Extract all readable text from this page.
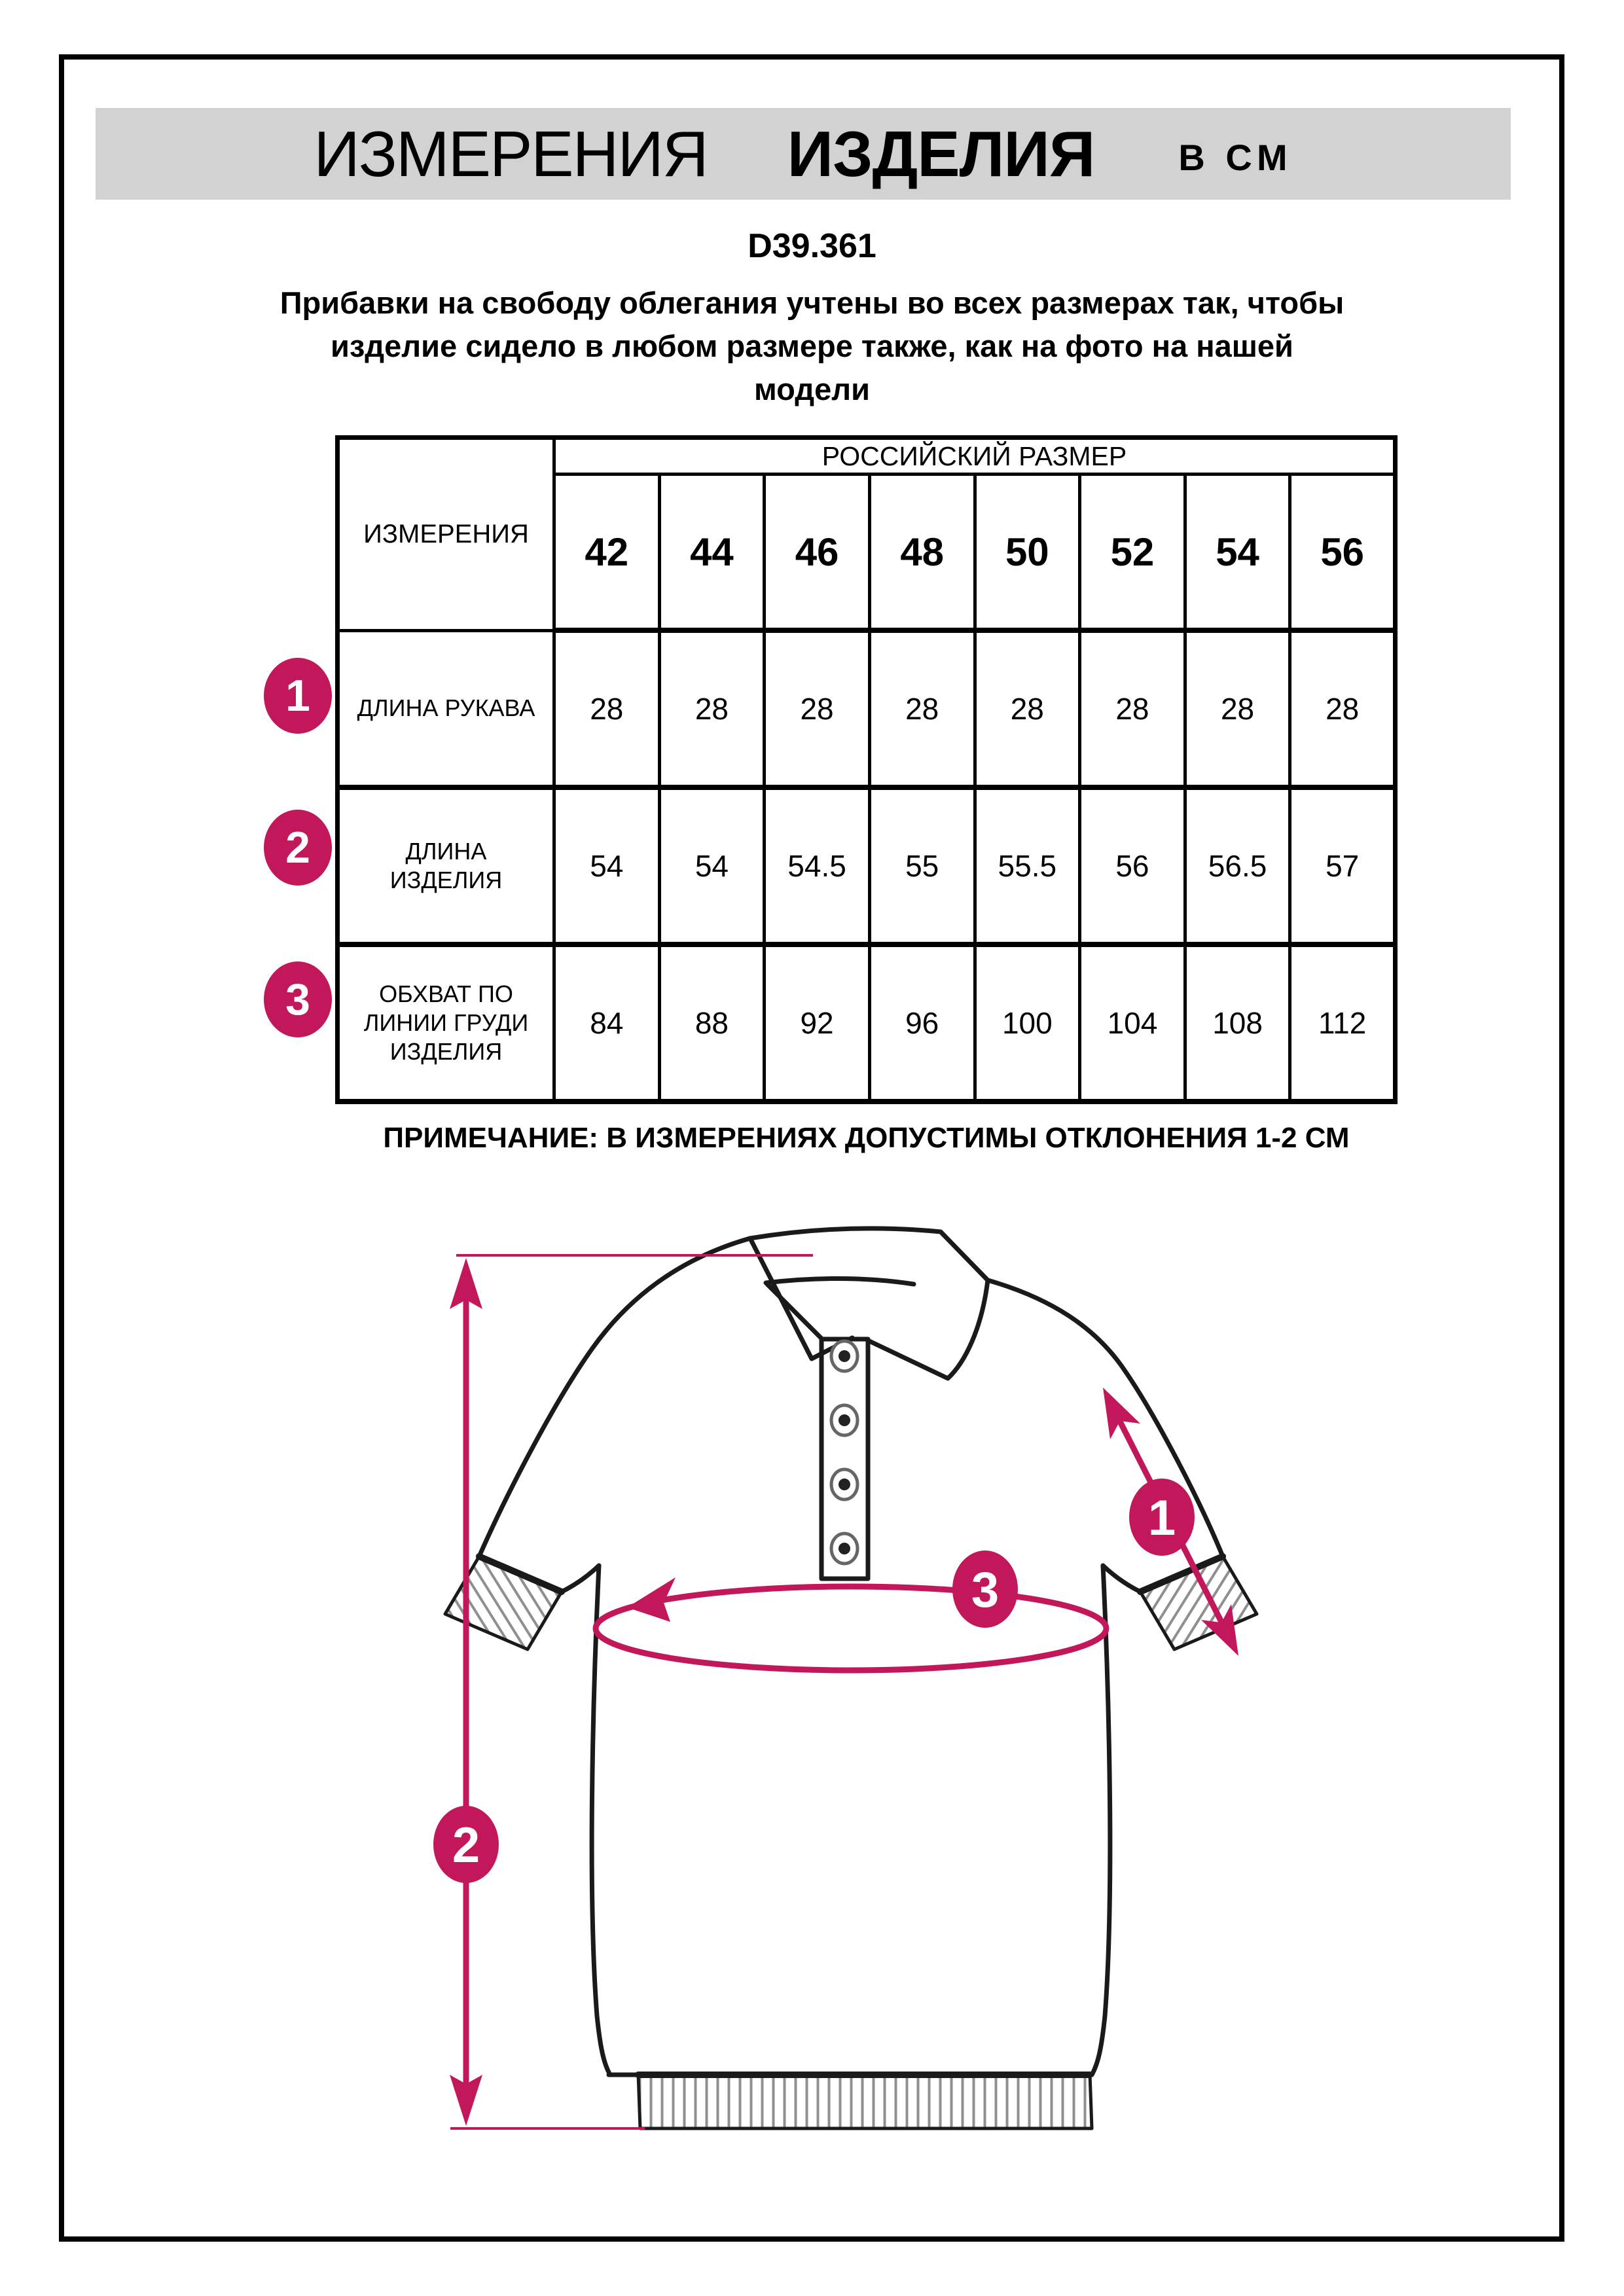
ИЗМЕРЕНИЯ ИЗДЕЛИЯ В СМ
D39.361
Прибавки на свободу облегания учтены во всех размерах так, чтобы
изделие сидело в любом размере также, как на фото на нашей
модели
ИЗМЕРЕНИЯ	РОССИЙСКИЙ РАЗМЕР							
	42	44	46	48	50	52	54	56

ДЛИНА РУКАВА	28	28	28	28	28	28	28	28

ДЛИНА
ИЗДЕЛИЯ	54	54	54.5	55	55.5	56	56.5	57

ОБХВАТ ПО
ЛИНИИ ГРУДИ
ИЗДЕЛИЯ	84	88	92	96	100	104	108	112
1
2
3
ПРИМЕЧАНИЕ: В ИЗМЕРЕНИЯХ ДОПУСТИМЫ ОТКЛОНЕНИЯ 1-2 СМ
1
3
2
